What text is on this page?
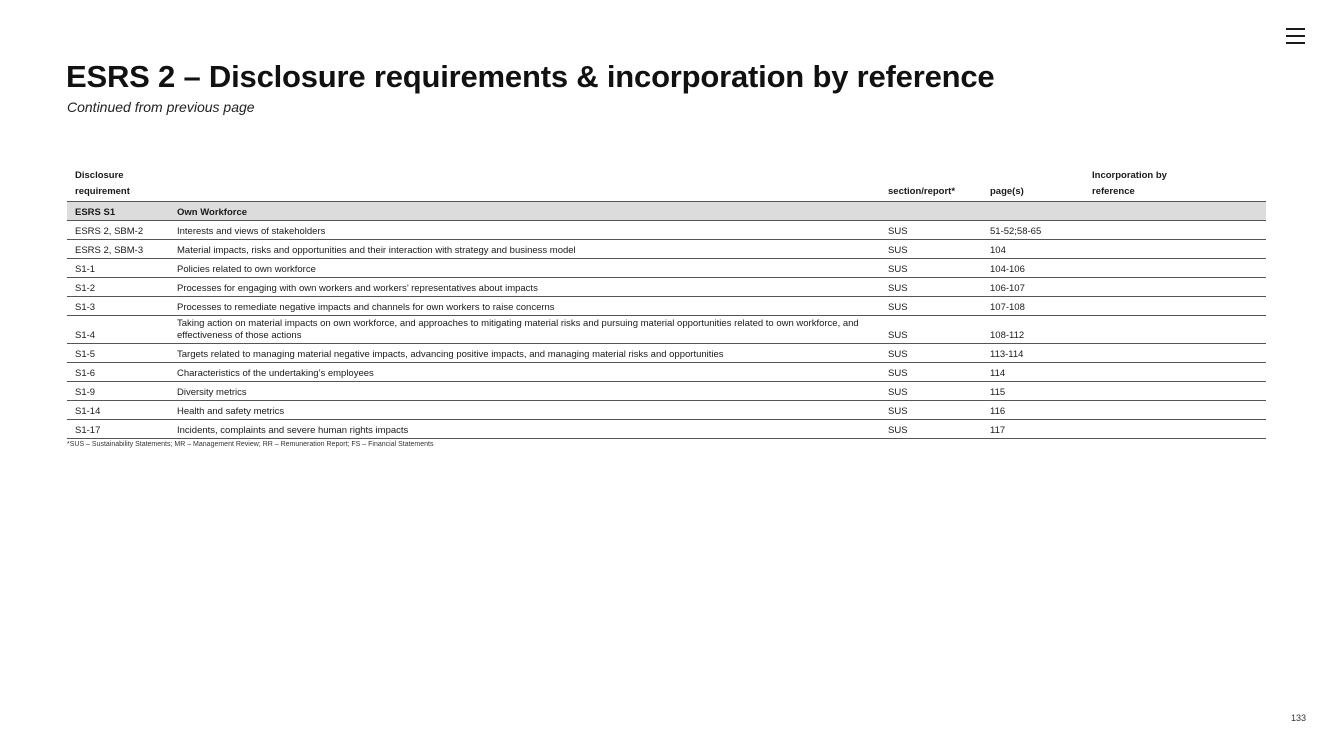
ESRS 2 – Disclosure requirements & incorporation by reference

Continued from previous page

Disclosure
requirement		section/report*	page(s)	Incorporation by
reference
ESRS S1	Own Workforce			
ESRS 2, SBM-2	Interests and views of stakeholders	SUS	51-52;58-65	
ESRS 2, SBM-3	Material impacts, risks and opportunities and their interaction with strategy and business model	SUS	104	
S1-1	Policies related to own workforce	SUS	104-106	
S1-2	Processes for engaging with own workers and workers’ representatives about impacts	SUS	106-107	
S1-3	Processes to remediate negative impacts and channels for own workers to raise concerns	SUS	107-108	
S1-4	Taking action on material impacts on own workforce, and approaches to mitigating material risks and pursuing material opportunities related to own workforce, and effectiveness of those actions	SUS	108-112	
S1-5	Targets related to managing material negative impacts, advancing positive impacts, and managing material risks and opportunities	SUS	113-114	
S1-6	Characteristics of the undertaking’s employees	SUS	114	
S1-9	Diversity metrics	SUS	115	
S1-14	Health and safety metrics	SUS	116	
S1-17	Incidents, complaints and severe human rights impacts	SUS	117	

*SUS – Sustainability Statements; MR – Management Review; RR – Remuneration Report; FS – Financial Statements

133
